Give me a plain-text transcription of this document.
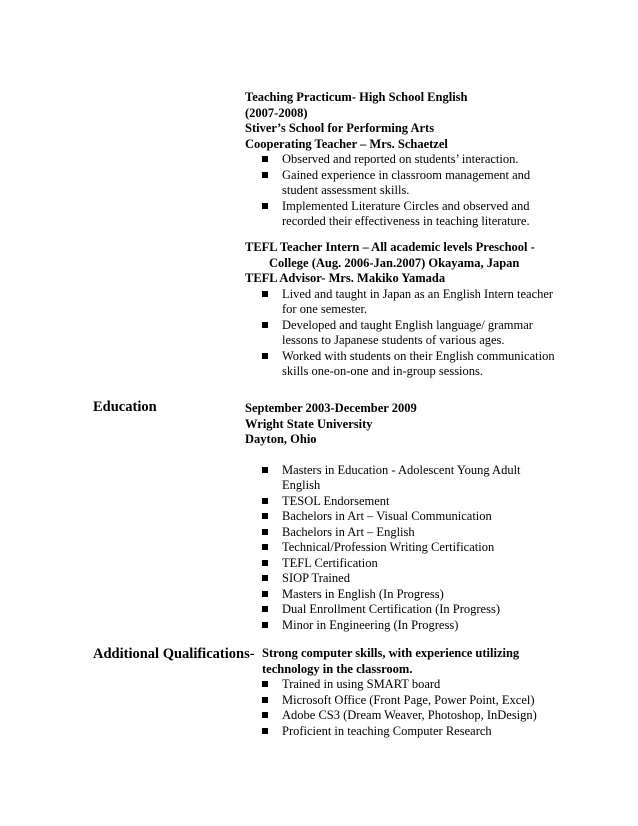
Teaching Practicum- High School English

(2007-2008)

Stiver’s School for Performing Arts

Cooperating Teacher – Mrs. Schaetzel

Observed and reported on students’ interaction.
Gained experience in classroom management and student assessment skills.
Implemented Literature Circles and observed and recorded their effectiveness in teaching literature.

TEFL Teacher Intern – All academic levels Preschool -
College (Aug. 2006-Jan.2007) Okayama, Japan

TEFL Advisor- Mrs. Makiko Yamada

Lived and taught in Japan as an English Intern teacher for one semester.
Developed and taught English language/ grammar lessons to Japanese students of various ages.
Worked with students on their English communication skills one-on-one and in-group sessions.

Education	September 2003-December 2009

Wright State University

Dayton, Ohio

Masters in Education - Adolescent Young Adult English
TESOL Endorsement
Bachelors in Art – Visual Communication
Bachelors in Art – English
Technical/Profession Writing Certification
TEFL Certification
SIOP Trained
Masters in English (In Progress)
Dual Enrollment Certification (In Progress)
Minor in Engineering (In Progress)

Additional Qualifications- Strong computer skills, with experience utilizing technology in the classroom.

Trained in using SMART board
Microsoft Office (Front Page, Power Point, Excel)
Adobe CS3 (Dream Weaver, Photoshop, InDesign)
Proficient in teaching Computer Research
